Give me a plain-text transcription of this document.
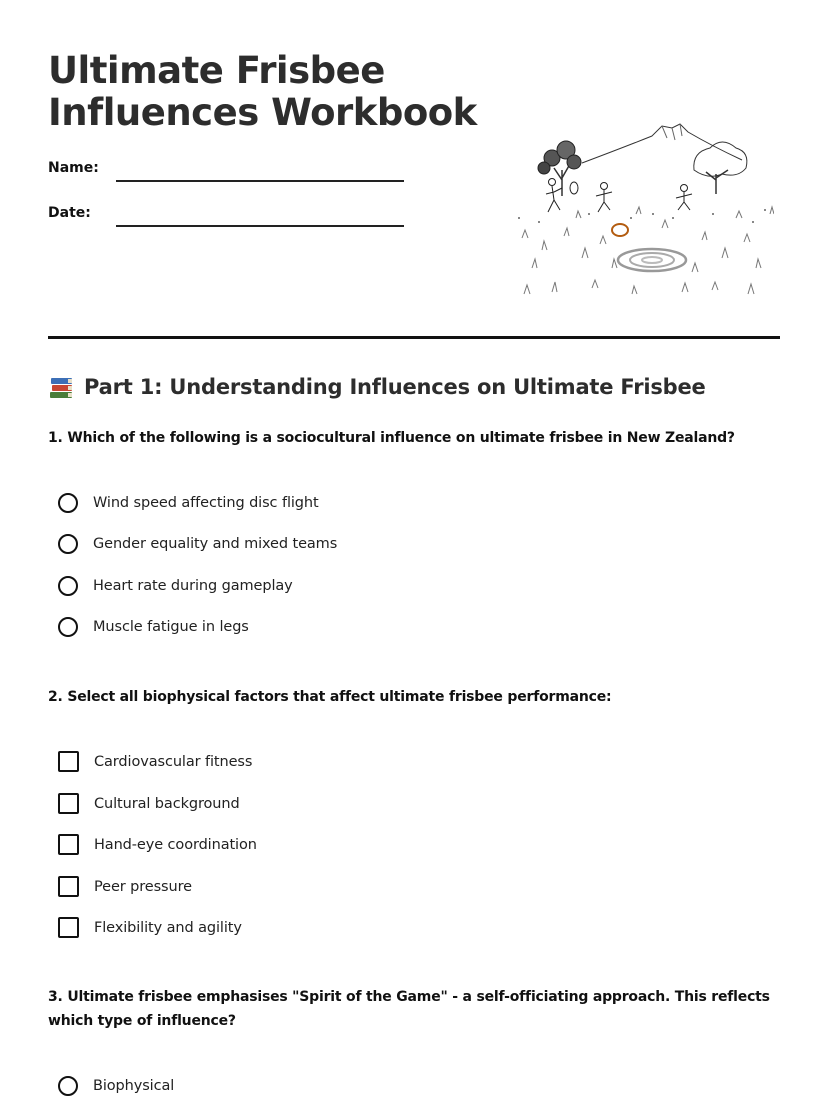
Ultimate Frisbee
Influences Workbook
Name:
Date:
Part 1: Understanding Influences on Ultimate Frisbee

1. Which of the following is a sociocultural influence on ultimate frisbee in New Zealand?

Wind speed affecting disc flight
Gender equality and mixed teams
Heart rate during gameplay
Muscle fatigue in legs

2. Select all biophysical factors that affect ultimate frisbee performance:

Cardiovascular fitness
Cultural background
Hand-eye coordination
Peer pressure
Flexibility and agility

3. Ultimate frisbee emphasises "Spirit of the Game" - a self-officiating approach. This reflects which type of influence?

Biophysical
